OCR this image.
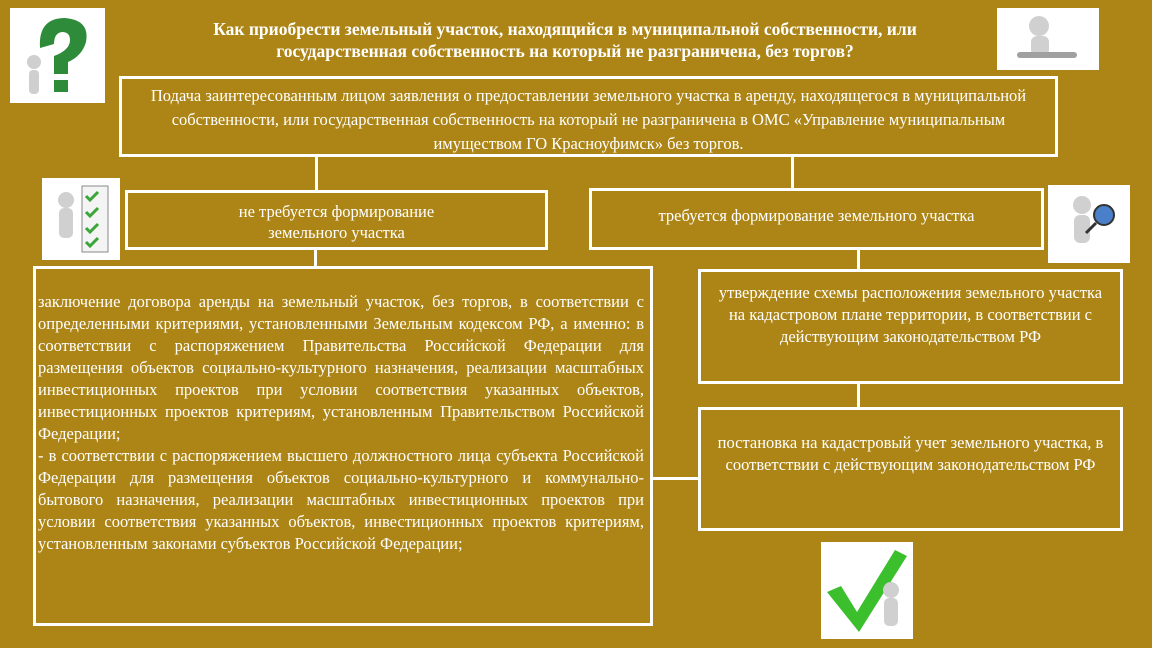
Как приобрести земельный участок, находящийся в муниципальной собственности, или
государственная собственность на который не разграничена, без торгов?
Подача заинтересованным лицом заявления о предоставлении земельного участка в аренду, находящегося в муниципальной собственности, или государственная собственность на который не разграничена в ОМС «Управление муниципальным имуществом ГО Красноуфимск» без торгов.
не требуется формирование
земельного участка
требуется формирование земельного участка
заключение договора аренды на земельный участок, без торгов, в соответствии с определенными критериями, установленными Земельным кодексом РФ, а именно: в соответствии с распоряжением Правительства Российской Федерации для размещения объектов социально-культурного назначения, реализации масштабных инвестиционных проектов при условии соответствия указанных объектов, инвестиционных проектов критериям, установленным Правительством Российской Федерации;
- в соответствии с распоряжением высшего должностного лица субъекта Российской Федерации для размещения объектов социально-культурного и коммунально-бытового назначения, реализации масштабных инвестиционных проектов при условии соответствия указанных объектов, инвестиционных проектов критериям, установленным законами субъектов Российской Федерации;
утверждение схемы расположения земельного участка на кадастровом плане территории, в соответствии с действующим законодательством РФ
постановка на кадастровый учет земельного участка, в соответствии с действующим законодательством РФ
